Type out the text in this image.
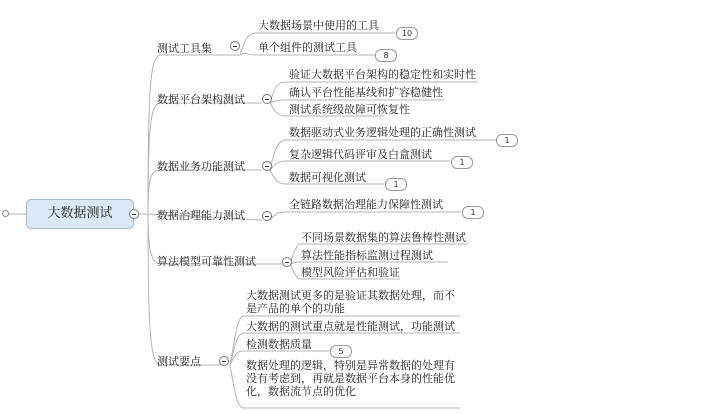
大数据测试
测试工具集
大数据场景中使用的工具
10
单个组件的测试工具
8
数据平台架构测试
验证大数据平台架构的稳定性和实时性
确认平台性能基线和扩容稳健性
测试系统级故障可恢复性
数据业务功能测试
数据驱动式业务逻辑处理的正确性测试
1
复杂逻辑代码评审及白盒测试
1
数据可视化测试
1
数据治理能力测试
全链路数据治理能力保障性测试
1
算法模型可靠性测试
不同场景数据集的算法鲁棒性测试
算法性能指标监测过程测试
模型风险评估和验证
测试要点
大数据测试更多的是验证其数据处理，而不是产品的单个的功能
大数据的测试重点就是性能测试，功能测试
检测数据质量
5
数据处理的逻辑，特别是异常数据的处理有没有考虑到，再就是数据平台本身的性能优化，数据流节点的优化
